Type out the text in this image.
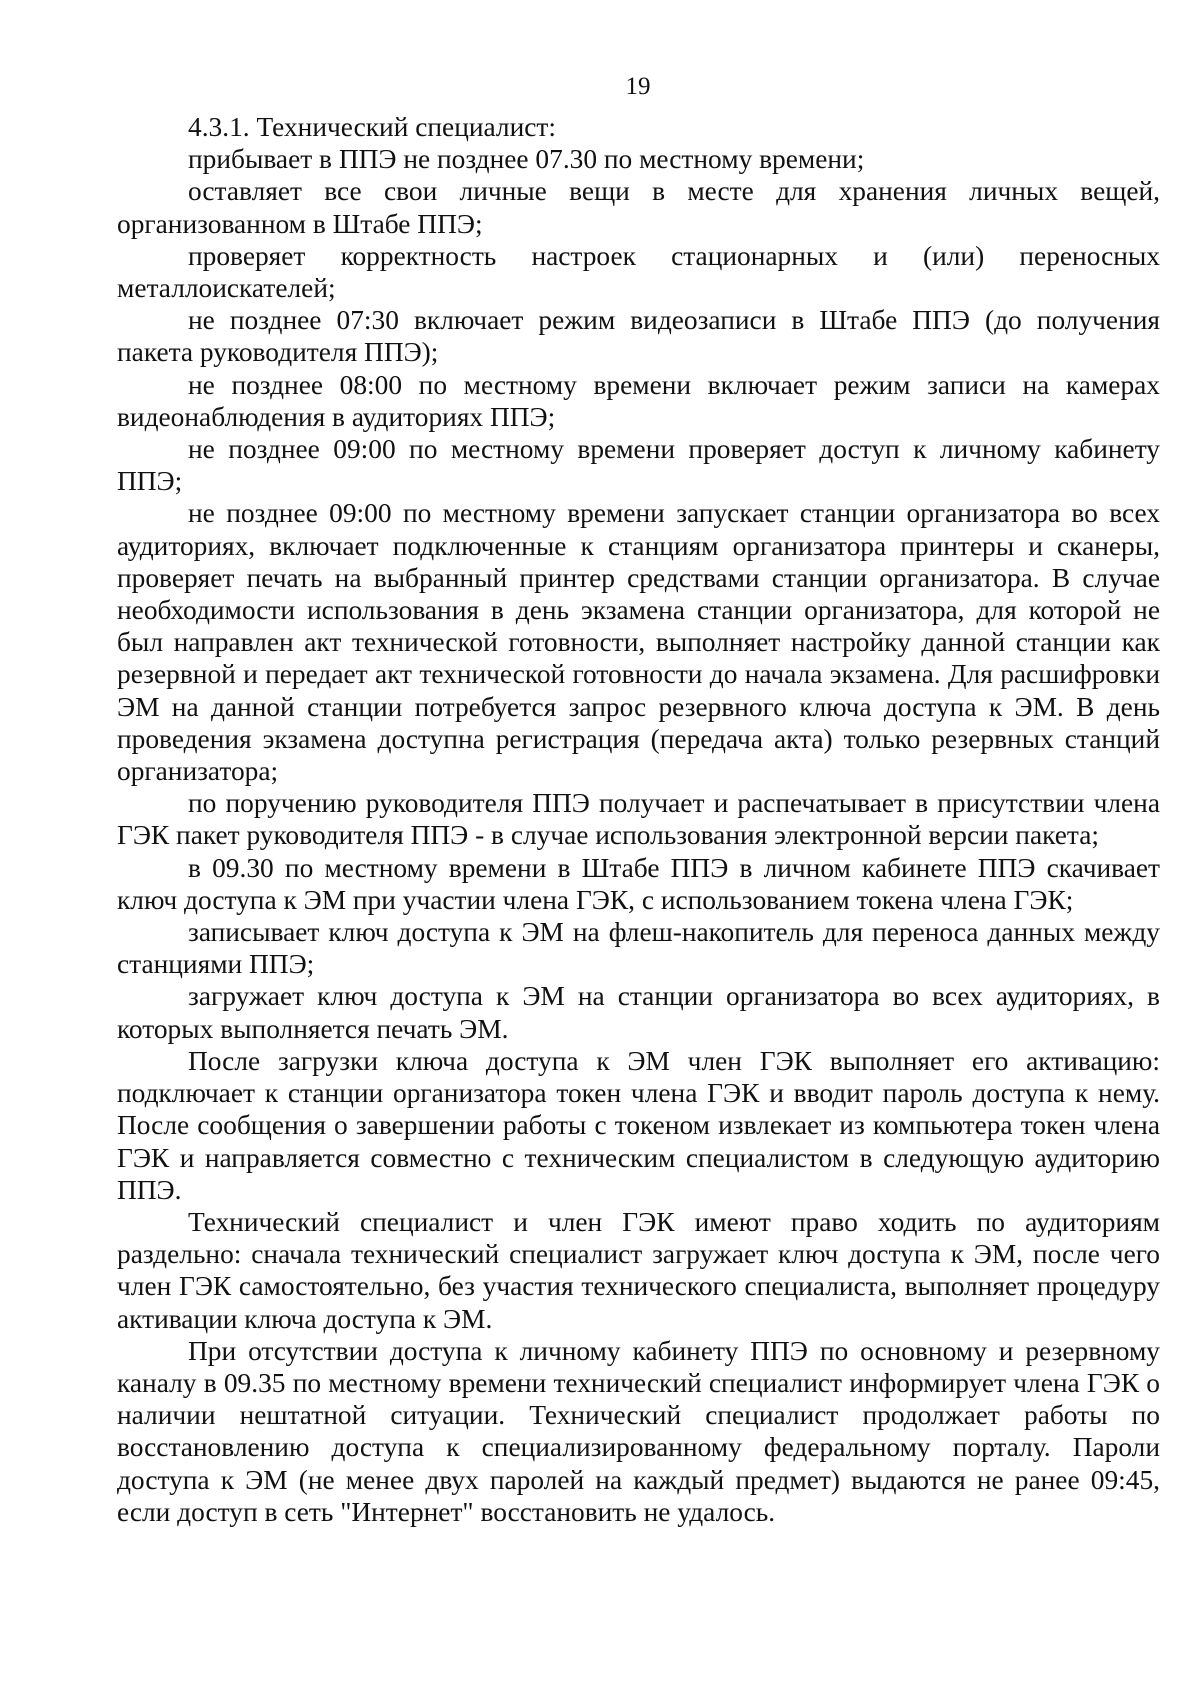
19

4.3.1. Технический специалист:

прибывает в ППЭ не позднее 07.30 по местному времени;

оставляет все свои личные вещи в месте для хранения личных вещей, организованном в Штабе ППЭ;

проверяет корректность настроек стационарных и (или) переносных металлоискателей;

не позднее 07:30 включает режим видеозаписи в Штабе ППЭ (до получения пакета руководителя ППЭ);

не позднее 08:00 по местному времени включает режим записи на камерах видеонаблюдения в аудиториях ППЭ;

не позднее 09:00 по местному времени проверяет доступ к личному кабинету ППЭ;

не позднее 09:00 по местному времени запускает станции организатора во всех аудиториях, включает подключенные к станциям организатора принтеры и сканеры, проверяет печать на выбранный принтер средствами станции организатора. В случае необходимости использования в день экзамена станции организатора, для которой не был направлен акт технической готовности, выполняет настройку данной станции как резервной и передает акт технической готовности до начала экзамена. Для расшифровки ЭМ на данной станции потребуется запрос резервного ключа доступа к ЭМ. В день проведения экзамена доступна регистрация (передача акта) только резервных станций организатора;

по поручению руководителя ППЭ получает и распечатывает в присутствии члена ГЭК пакет руководителя ППЭ - в случае использования электронной версии пакета;

в 09.30 по местному времени в Штабе ППЭ в личном кабинете ППЭ скачивает ключ доступа к ЭМ при участии члена ГЭК, с использованием токена члена ГЭК;

записывает ключ доступа к ЭМ на флеш-накопитель для переноса данных между станциями ППЭ;

загружает ключ доступа к ЭМ на станции организатора во всех аудиториях, в которых выполняется печать ЭМ.

После загрузки ключа доступа к ЭМ член ГЭК выполняет его активацию: подключает к станции организатора токен члена ГЭК и вводит пароль доступа к нему. После сообщения о завершении работы с токеном извлекает из компьютера токен члена ГЭК и направляется совместно с техническим специалистом в следующую аудиторию ППЭ.

Технический специалист и член ГЭК имеют право ходить по аудиториям раздельно: сначала технический специалист загружает ключ доступа к ЭМ, после чего член ГЭК самостоятельно, без участия технического специалиста, выполняет процедуру активации ключа доступа к ЭМ.

При отсутствии доступа к личному кабинету ППЭ по основному и резервному каналу в 09.35 по местному времени технический специалист информирует члена ГЭК о наличии нештатной ситуации. Технический специалист продолжает работы по восстановлению доступа к специализированному федеральному порталу. Пароли доступа к ЭМ (не менее двух паролей на каждый предмет) выдаются не ранее 09:45, если доступ в сеть "Интернет" восстановить не удалось.
